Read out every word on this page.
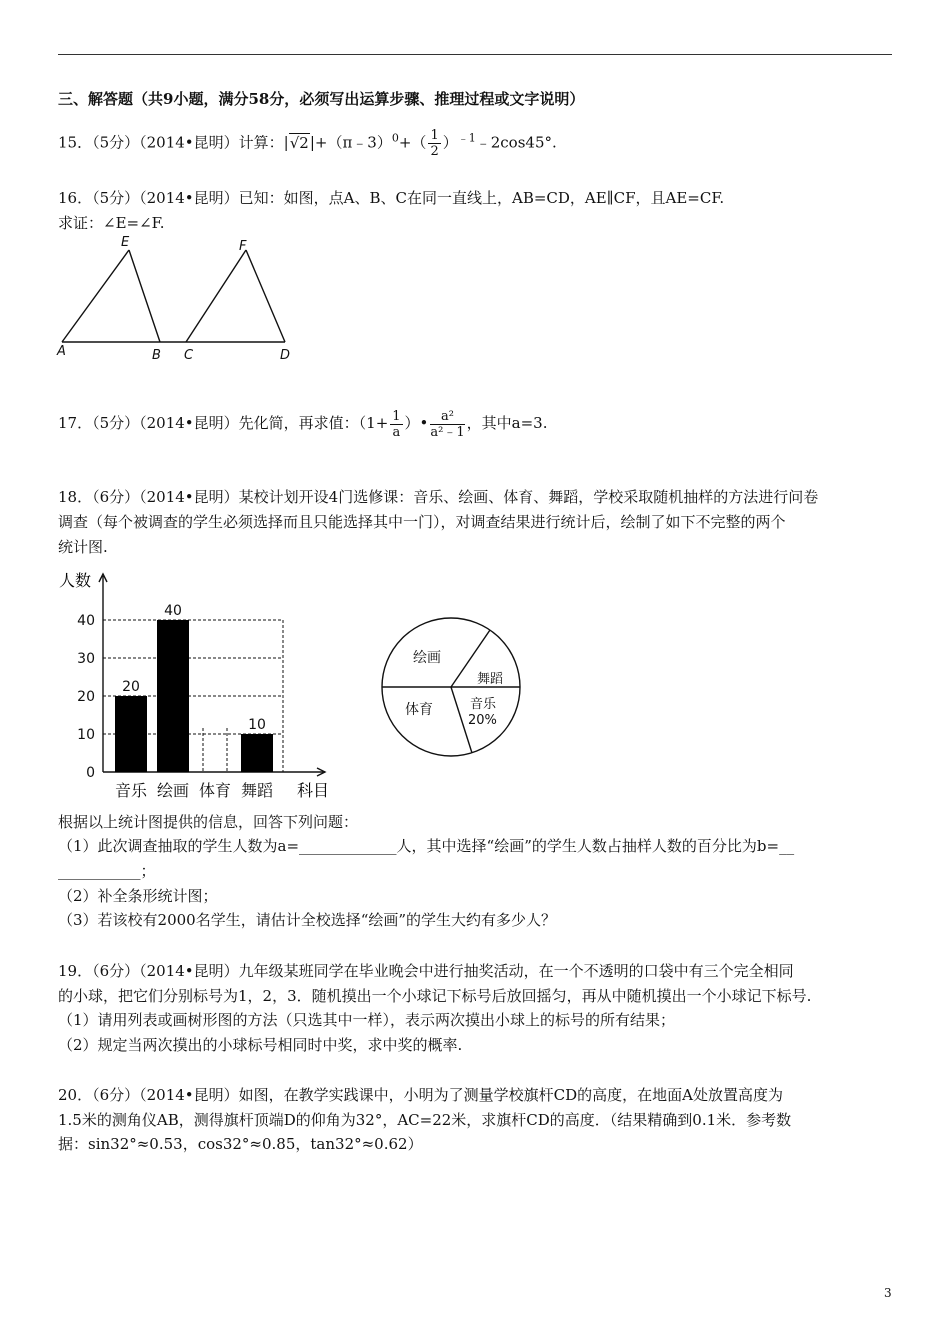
三、解答题（共9小题，满分58分，必须写出运算步骤、推理过程或文字说明）
15．（5分）（2014•昆明）计算：|√2|+（π﹣3）$^0$+（ $\frac{1}{2}$ ）$^{﹣1}$﹣2cos45°.
16．（5分）（2014•昆明）已知：如图，点A、B、C在同一直线上，AB=CD，AE∥CF，且AE=CF.
求证：∠E=∠F.
A	B C	D
E	F
17．（5分）（2014•昆明）先化简，再求值：（$1+ \frac{1}{a}$ ）• $\frac{\text{a²}}{\text{a²﹣1}}$ ，其中a=3.
18．（6分）（2014•昆明）某校计划开设4门选修课：音乐、绘画、体育、舞蹈，学校采取随机抽样的方法进行问卷
调查（每个被调查的学生必须选择而且只能选择其中一门），对调查结果进行统计后，绘制了如下不完整的两个
统计图.
人数
科目
0
10
20
30
40
20
音乐
40
绘画 体育
10
舞蹈
绘画
舞蹈
音乐
20%
体育
根据以上统计图提供的信息，回答下列问题：
（1）此次调查抽取的学生人数为a=_____________人，其中选择“绘画”的学生人数占抽样人数的百分比为b=__
___________；
（2）补全条形统计图；
（3）若该校有2000名学生，请估计全校选择“绘画”的学生大约有多少人？
19．（6分）（2014•昆明）九年级某班同学在毕业晚会中进行抽奖活动，在一个不透明的口袋中有三个完全相同
的小球，把它们分别标号为1，2，3．随机摸出一个小球记下标号后放回摇匀，再从中随机摸出一个小球记下标号.
（1）请用列表或画树形图的方法（只选其中一样），表示两次摸出小球上的标号的所有结果；
（2）规定当两次摸出的小球标号相同时中奖，求中奖的概率.
20．（6分）（2014•昆明）如图，在教学实践课中，小明为了测量学校旗杆CD的高度，在地面A处放置高度为
1.5米的测角仪AB，测得旗杆顶端D的仰角为32°，AC=22米，求旗杆CD的高度．（结果精确到0.1米．参考数
据：sin32°≈0.53，cos32°≈0.85，tan32°≈0.62）
3
